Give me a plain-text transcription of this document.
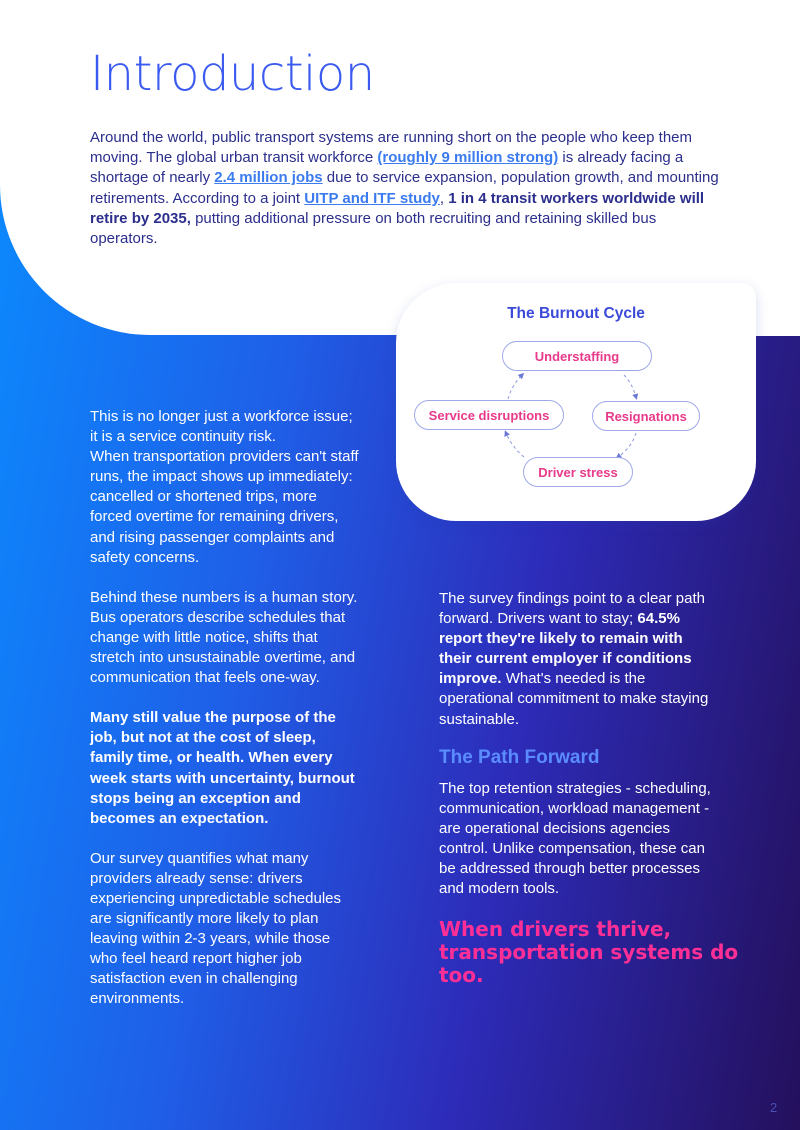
Introduction

Around the world, public transport systems are running short on the people who keep them moving. The global urban transit workforce (roughly 9 million strong) is already facing a shortage of nearly 2.4 million jobs due to service expansion, population growth, and mounting retirements. According to a joint UITP and ITF study, 1 in 4 transit workers worldwide will retire by 2035, putting additional pressure on both recruiting and retaining skilled bus operators.

The Burnout Cycle
Understaffing
Service disruptions	Resignations
Driver stress

This is no longer just a workforce issue; it is a service continuity risk.

When transportation providers can't staff runs, the impact shows up immediately: cancelled or shortened trips, more forced overtime for remaining drivers, and rising passenger complaints and safety concerns.

Behind these numbers is a human story. Bus operators describe schedules that change with little notice, shifts that stretch into unsustainable overtime, and communication that feels one-way.

Many still value the purpose of the job, but not at the cost of sleep, family time, or health. When every week starts with uncertainty, burnout stops being an exception and becomes an expectation.

Our survey quantifies what many providers already sense: drivers experiencing unpredictable schedules are significantly more likely to plan leaving within 2-3 years, while those who feel heard report higher job satisfaction even in challenging environments.

The survey findings point to a clear path forward. Drivers want to stay; 64.5% report they're likely to remain with their current employer if conditions improve. What's needed is the operational commitment to make staying sustainable.

The Path Forward

The top retention strategies - scheduling, communication, workload management - are operational decisions agencies control. Unlike compensation, these can be addressed through better processes and modern tools.

When drivers thrive, transportation systems do too.

2
